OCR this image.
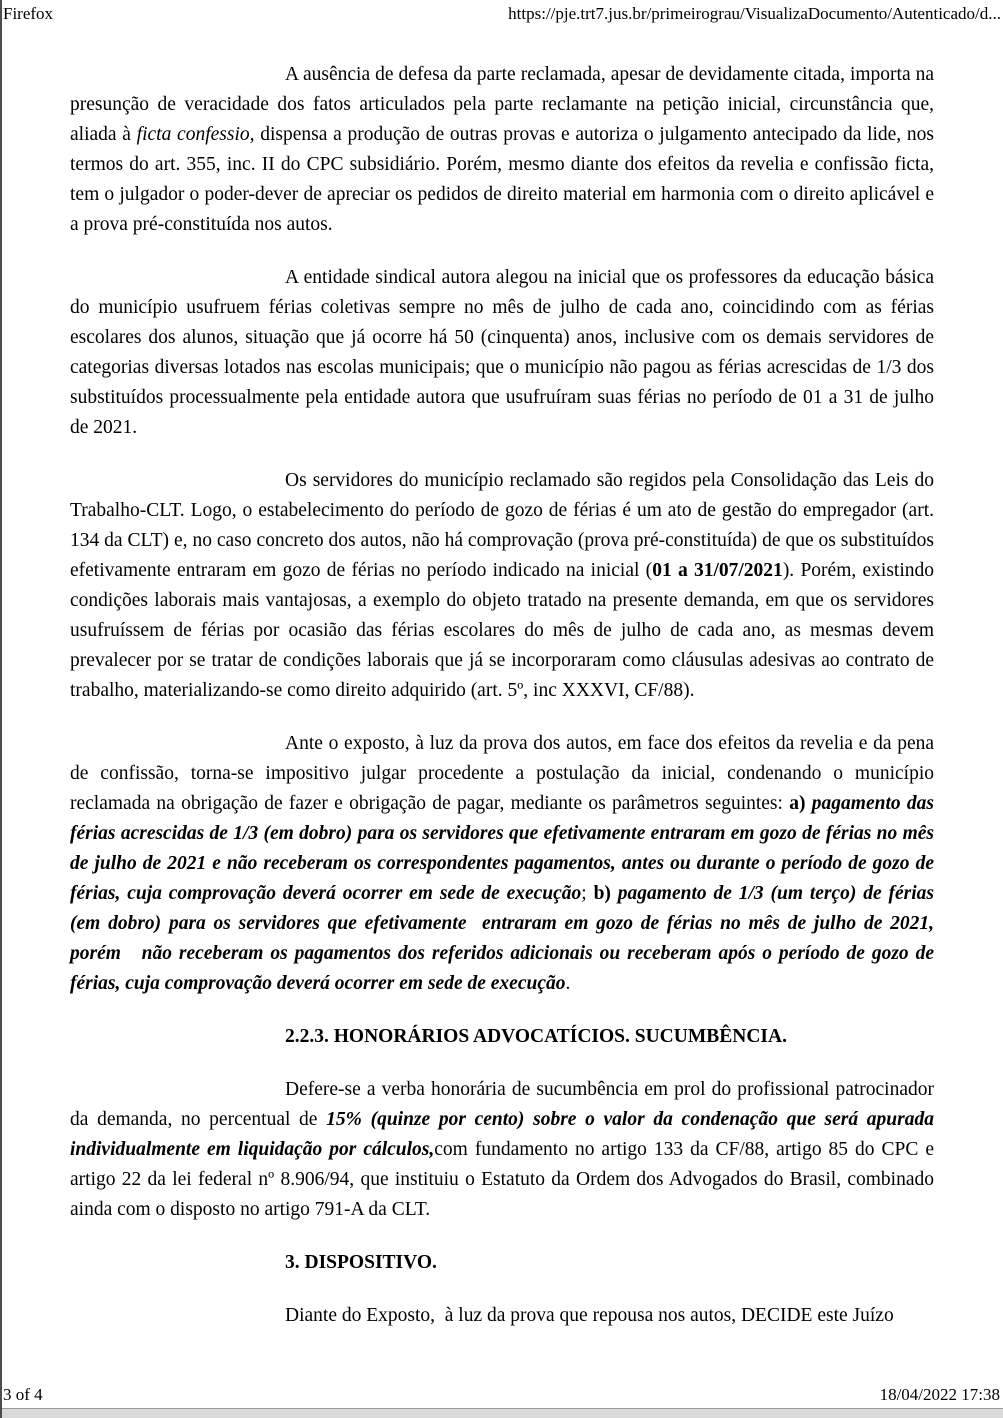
Firefox	https://pje.trt7.jus.br/primeirograu/VisualizaDocumento/Autenticado/d...

A ausência de defesa da parte reclamada, apesar de devidamente citada, importa na presunção de veracidade dos fatos articulados pela parte reclamante na petição inicial, circunstância que, aliada à ficta confessio, dispensa a produção de outras provas e autoriza o julgamento antecipado da lide, nos termos do art. 355, inc. II do CPC subsidiário. Porém, mesmo diante dos efeitos da revelia e confissão ficta, tem o julgador o poder-dever de apreciar os pedidos de direito material em harmonia com o direito aplicável e a prova pré-constituída nos autos.

A entidade sindical autora alegou na inicial que os professores da educação básica do município usufruem férias coletivas sempre no mês de julho de cada ano, coincidindo com as férias escolares dos alunos, situação que já ocorre há 50 (cinquenta) anos, inclusive com os demais servidores de categorias diversas lotados nas escolas municipais; que o município não pagou as férias acrescidas de 1/3 dos substituídos processualmente pela entidade autora que usufruíram suas férias no período de 01 a 31 de julho de 2021.

Os servidores do município reclamado são regidos pela Consolidação das Leis do Trabalho-CLT. Logo, o estabelecimento do período de gozo de férias é um ato de gestão do empregador (art. 134 da CLT) e, no caso concreto dos autos, não há comprovação (prova pré-constituída) de que os substituídos efetivamente entraram em gozo de férias no período indicado na inicial (01 a 31/07/2021). Porém, existindo condições laborais mais vantajosas, a exemplo do objeto tratado na presente demanda, em que os servidores usufruíssem de férias por ocasião das férias escolares do mês de julho de cada ano, as mesmas devem prevalecer por se tratar de condições laborais que já se incorporaram como cláusulas adesivas ao contrato de trabalho, materializando-se como direito adquirido (art. 5º, inc XXXVI, CF/88).

Ante o exposto, à luz da prova dos autos, em face dos efeitos da revelia e da pena de confissão, torna-se impositivo julgar procedente a postulação da inicial, condenando o município reclamada na obrigação de fazer e obrigação de pagar, mediante os parâmetros seguintes: a) pagamento das férias acrescidas de 1/3 (em dobro) para os servidores que efetivamente entraram em gozo de férias no mês de julho de 2021 e não receberam os correspondentes pagamentos, antes ou durante o período de gozo de férias, cuja comprovação deverá ocorrer em sede de execução; b) pagamento de 1/3 (um terço) de férias (em dobro) para os servidores que efetivamente  entraram em gozo de férias no mês de julho de 2021, porém   não receberam os pagamentos dos referidos adicionais ou receberam após o período de gozo de férias, cuja comprovação deverá ocorrer em sede de execução.

2.2.3. HONORÁRIOS ADVOCATÍCIOS. SUCUMBÊNCIA.

Defere-se a verba honorária de sucumbência em prol do profissional patrocinador da demanda, no percentual de 15% (quinze por cento) sobre o valor da condenação que será apurada individualmente em liquidação por cálculos,com fundamento no artigo 133 da CF/88, artigo 85 do CPC e artigo 22 da lei federal nº 8.906/94, que instituiu o Estatuto da Ordem dos Advogados do Brasil, combinado ainda com o disposto no artigo 791-A da CLT.

3. DISPOSITIVO.

Diante do Exposto,  à luz da prova que repousa nos autos, DECIDE este Juízo

3 of 4	18/04/2022 17:38
